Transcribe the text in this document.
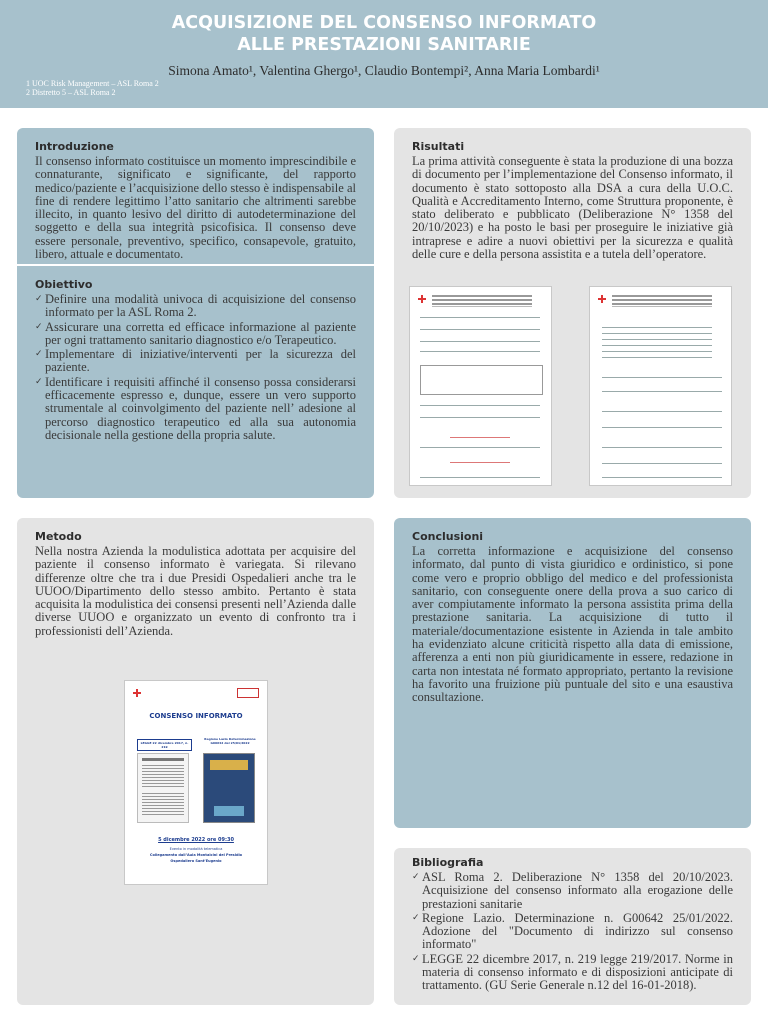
ACQUISIZIONE DEL CONSENSO INFORMATO
ALLE PRESTAZIONI SANITARIE
Simona Amato¹, Valentina Ghergo¹, Claudio Bontempi², Anna Maria Lombardi¹
1 UOC Risk Management – ASL Roma 2
2 Distretto 5 – ASL Roma 2
Introduzione
Il consenso informato costituisce un momento imprescindibile e connaturante, significato e significante, del rapporto medico/paziente e l’acquisizione dello stesso è indispensabile al fine di rendere legittimo l’atto sanitario che altrimenti sarebbe illecito, in quanto lesivo del diritto di autodeterminazione del soggetto e della sua integrità psicofisica. Il consenso deve essere personale, preventivo, specifico, consapevole, gratuito, libero, attuale e documentato.
Obiettivo
✓ Definire una modalità univoca di acquisizione del consenso informato per la ASL Roma 2.
✓ Assicurare una corretta ed efficace informazione al paziente per ogni trattamento sanitario diagnostico e/o Terapeutico.
✓ Implementare di iniziative/interventi per la sicurezza del paziente.
✓ Identificare i requisiti affinché il consenso possa considerarsi efficacemente espresso e, dunque, essere un vero supporto strumentale al coinvolgimento del paziente nell’ adesione al percorso diagnostico terapeutico ed alla sua autonomia decisionale nella gestione della propria salute.
Risultati
La prima attività conseguente è stata la produzione di una bozza di documento per l’implementazione del Consenso informato, il documento è stato sottoposto alla DSA a cura della U.O.C. Qualità e Accreditamento Interno, come Struttura proponente, è stato deliberato e pubblicato (Deliberazione N° 1358 del 20/10/2023) e ha posto le basi per proseguire le iniziative già intraprese e adire a nuovi obiettivi per la sicurezza e qualità delle cure e della persona assistita e a tutela dell’operatore.
Metodo
Nella nostra Azienda la modulistica adottata per acquisire del paziente il consenso informato è variegata. Si rilevano differenze oltre che tra i due Presidi Ospedalieri anche tra le UUOO/Dipartimento dello stesso ambito. Pertanto è stata acquisita la modulistica dei consensi presenti nell’Azienda dalle diverse UUOO e organizzato un evento di confronto tra i professionisti dell’Azienda.
CONSENSO INFORMATO
LEGGE 22 dicembre 2017, n. 219
Regione Lazio Determinazione G00642 del 25/01/2022
5 dicembre 2022 ore 09:30
Evento in modalità telematica
Collegamento dall’Aula Montalcini del Presidio
Ospedaliero Sant’Eugenio
Conclusioni
La corretta informazione e acquisizione del consenso informato, dal punto di vista giuridico e ordinistico, si pone come vero e proprio obbligo del medico e del professionista sanitario, con conseguente onere della prova a suo carico di aver compiutamente informato la persona assistita prima della prestazione sanitaria. La acquisizione di tutto il materiale/documentazione esistente in Azienda in tale ambito ha evidenziato alcune criticità rispetto alla data di emissione, afferenza a enti non più giuridicamente in essere, redazione in carta non intestata né formato appropriato, pertanto la revisione ha favorito una fruizione più puntuale del sito e una esaustiva consultazione.
Bibliografia
✓ ASL Roma 2. Deliberazione N° 1358 del 20/10/2023. Acquisizione del consenso informato alla erogazione delle prestazioni sanitarie
✓ Regione Lazio. Determinazione n. G00642 25/01/2022. Adozione del "Documento di indirizzo sul consenso informato"
✓ LEGGE 22 dicembre 2017, n. 219 legge 219/2017. Norme in materia di consenso informato e di disposizioni anticipate di trattamento. (GU Serie Generale n.12 del 16-01-2018).
